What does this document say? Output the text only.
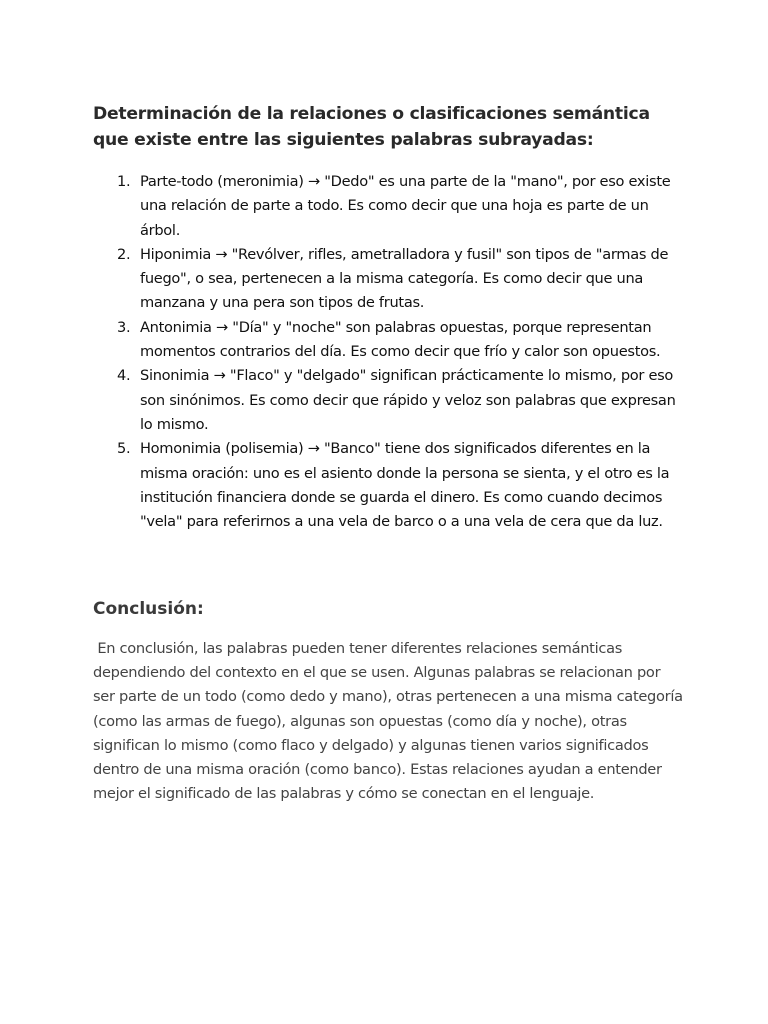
Determinación de la relaciones o clasificaciones semántica que existe entre las siguientes palabras subrayadas:
1. Parte-todo (meronimia) → "Dedo" es una parte de la "mano", por eso existe una relación de parte a todo. Es como decir que una hoja es parte de un árbol.
2. Hiponimia → "Revólver, rifles, ametralladora y fusil" son tipos de "armas de fuego", o sea, pertenecen a la misma categoría. Es como decir que una manzana y una pera son tipos de frutas.
3. Antonimia → "Día" y "noche" son palabras opuestas, porque representan momentos contrarios del día. Es como decir que frío y calor son opuestos.
4. Sinonimia → "Flaco" y "delgado" significan prácticamente lo mismo, por eso son sinónimos. Es como decir que rápido y veloz son palabras que expresan lo mismo.
5. Homonimia (polisemia) → "Banco" tiene dos significados diferentes en la misma oración: uno es el asiento donde la persona se sienta, y el otro es la institución financiera donde se guarda el dinero. Es como cuando decimos "vela" para referirnos a una vela de barco o a una vela de cera que da luz.
Conclusión:

En conclusión, las palabras pueden tener diferentes relaciones semánticas dependiendo del contexto en el que se usen. Algunas palabras se relacionan por ser parte de un todo (como dedo y mano), otras pertenecen a una misma categoría (como las armas de fuego), algunas son opuestas (como día y noche), otras significan lo mismo (como flaco y delgado) y algunas tienen varios significados dentro de una misma oración (como banco). Estas relaciones ayudan a entender mejor el significado de las palabras y cómo se conectan en el lenguaje.
